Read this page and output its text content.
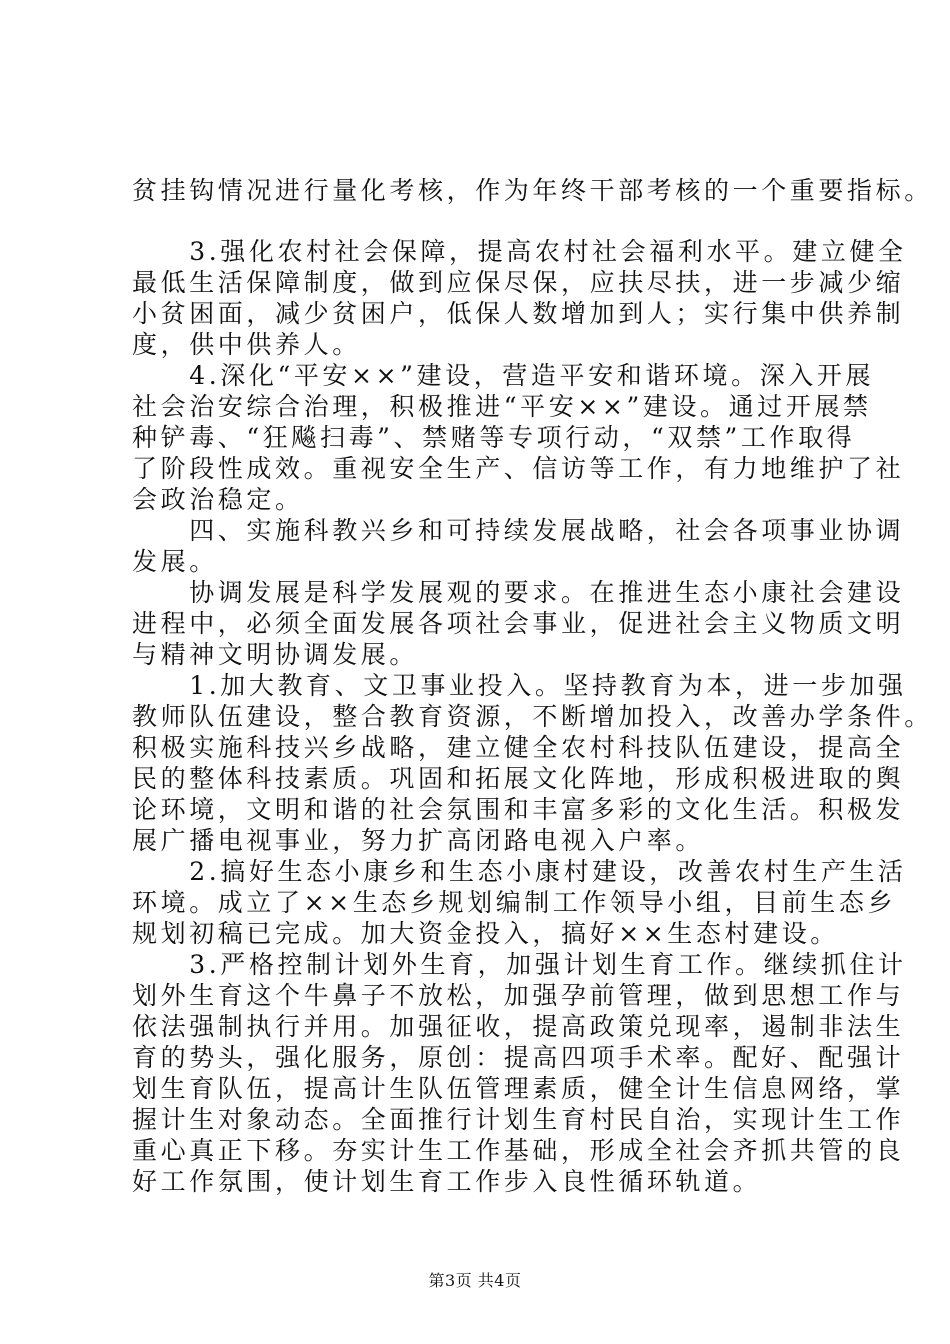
贫挂钩情况进行量化考核，作为年终干部考核的一个重要指标。
　　3.强化农村社会保障，提高农村社会福利水平。建立健全
最低生活保障制度，做到应保尽保，应扶尽扶，进一步减少缩
小贫困面，减少贫困户，低保人数增加到人；实行集中供养制
度，供中供养人。
　　4.深化“平安××”建设，营造平安和谐环境。深入开展
社会治安综合治理，积极推进“平安××”建设。通过开展禁
种铲毒、“狂飚扫毒”、禁赌等专项行动，“双禁”工作取得
了阶段性成效。重视安全生产、信访等工作，有力地维护了社
会政治稳定。
　　四、实施科教兴乡和可持续发展战略，社会各项事业协调
发展。
　　协调发展是科学发展观的要求。在推进生态小康社会建设
进程中，必须全面发展各项社会事业，促进社会主义物质文明
与精神文明协调发展。
　　1.加大教育、文卫事业投入。坚持教育为本，进一步加强
教师队伍建设，整合教育资源，不断增加投入，改善办学条件。
积极实施科技兴乡战略，建立健全农村科技队伍建设，提高全
民的整体科技素质。巩固和拓展文化阵地，形成积极进取的舆
论环境，文明和谐的社会氛围和丰富多彩的文化生活。积极发
展广播电视事业，努力扩高闭路电视入户率。
　　2.搞好生态小康乡和生态小康村建设，改善农村生产生活
环境。成立了××生态乡规划编制工作领导小组，目前生态乡
规划初稿已完成。加大资金投入，搞好××生态村建设。
　　3.严格控制计划外生育，加强计划生育工作。继续抓住计
划外生育这个牛鼻子不放松，加强孕前管理，做到思想工作与
依法强制执行并用。加强征收，提高政策兑现率，遏制非法生
育的势头，强化服务，原创：提高四项手术率。配好、配强计
划生育队伍，提高计生队伍管理素质，健全计生信息网络，掌
握计生对象动态。全面推行计划生育村民自治，实现计生工作
重心真正下移。夯实计生工作基础，形成全社会齐抓共管的良
好工作氛围，使计划生育工作步入良性循环轨道。
第3页 共4页
